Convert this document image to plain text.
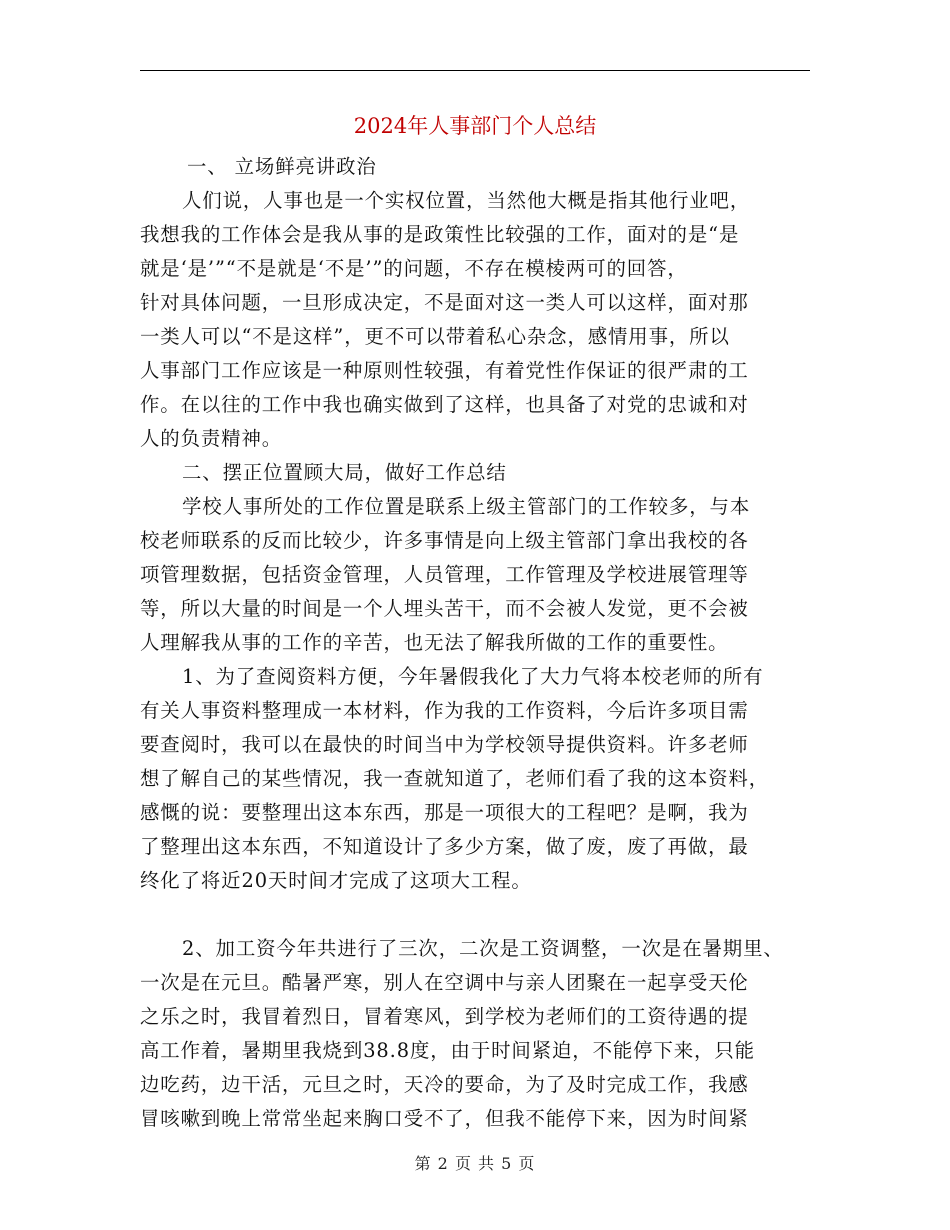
2024年人事部门个人总结
一、 立场鲜亮讲政治
人们说，人事也是一个实权位置，当然他大概是指其他行业吧，
我想我的工作体会是我从事的是政策性比较强的工作，面对的是“是
就是‘是’”“不是就是‘不是’”的问题，不存在模棱两可的回答，
针对具体问题，一旦形成决定，不是面对这一类人可以这样，面对那
一类人可以“不是这样”，更不可以带着私心杂念，感情用事，所以
人事部门工作应该是一种原则性较强，有着党性作保证的很严肃的工
作。在以往的工作中我也确实做到了这样，也具备了对党的忠诚和对
人的负责精神。
二、摆正位置顾大局，做好工作总结
学校人事所处的工作位置是联系上级主管部门的工作较多，与本
校老师联系的反而比较少，许多事情是向上级主管部门拿出我校的各
项管理数据，包括资金管理，人员管理，工作管理及学校进展管理等
等，所以大量的时间是一个人埋头苦干，而不会被人发觉，更不会被
人理解我从事的工作的辛苦，也无法了解我所做的工作的重要性。
1、为了查阅资料方便，今年暑假我化了大力气将本校老师的所有
有关人事资料整理成一本材料，作为我的工作资料，今后许多项目需
要查阅时，我可以在最快的时间当中为学校领导提供资料。许多老师
想了解自己的某些情况，我一查就知道了，老师们看了我的这本资料，
感慨的说：要整理出这本东西，那是一项很大的工程吧？是啊，我为
了整理出这本东西，不知道设计了多少方案，做了废，废了再做，最
终化了将近20天时间才完成了这项大工程。
2、加工资今年共进行了三次，二次是工资调整，一次是在暑期里、
一次是在元旦。酷暑严寒，别人在空调中与亲人团聚在一起享受天伦
之乐之时，我冒着烈日，冒着寒风，到学校为老师们的工资待遇的提
高工作着，暑期里我烧到38.8度，由于时间紧迫，不能停下来，只能
边吃药，边干活，元旦之时，天冷的要命，为了及时完成工作，我感
冒咳嗽到晚上常常坐起来胸口受不了，但我不能停下来，因为时间紧
第 2 页 共 5 页
